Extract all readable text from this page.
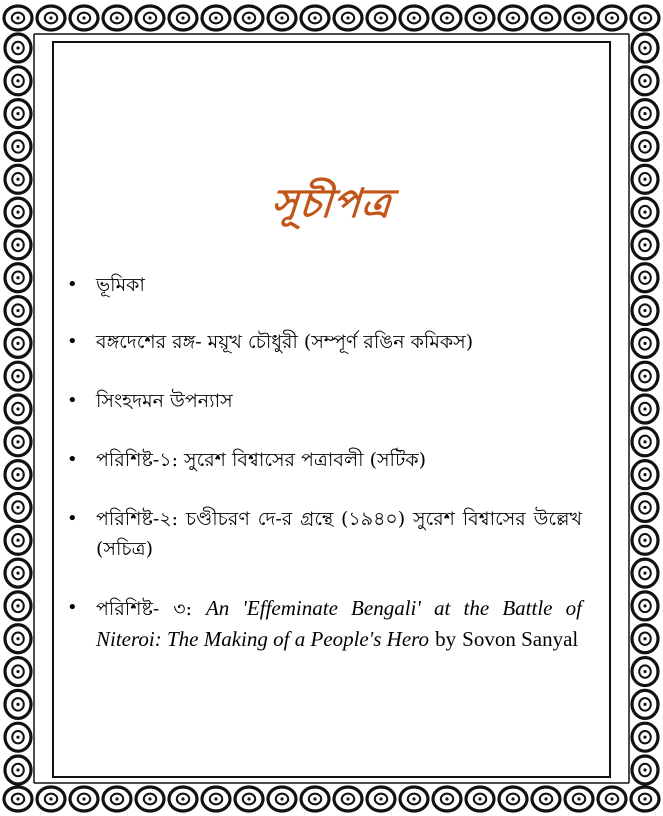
সূচীপত্র
• ভূমিকা
• বঙ্গদেশের রঙ্গ- ময়ূখ চৌধুরী (সম্পূর্ণ রঙিন কমিকস)
• সিংহদমন উপন্যাস
• পরিশিষ্ট-১: সুরেশ বিশ্বাসের পত্রাবলী (সটিক)
• পরিশিষ্ট-২: চণ্ডীচরণ দে-র গ্রন্থে (১৯৪০) সুরেশ বিশ্বাসের উল্লেখ (সচিত্র)
• পরিশিষ্ট- ৩: An 'Effeminate Bengali' at the Battle of Niteroi: The Making of a People's Hero by Sovon Sanyal
